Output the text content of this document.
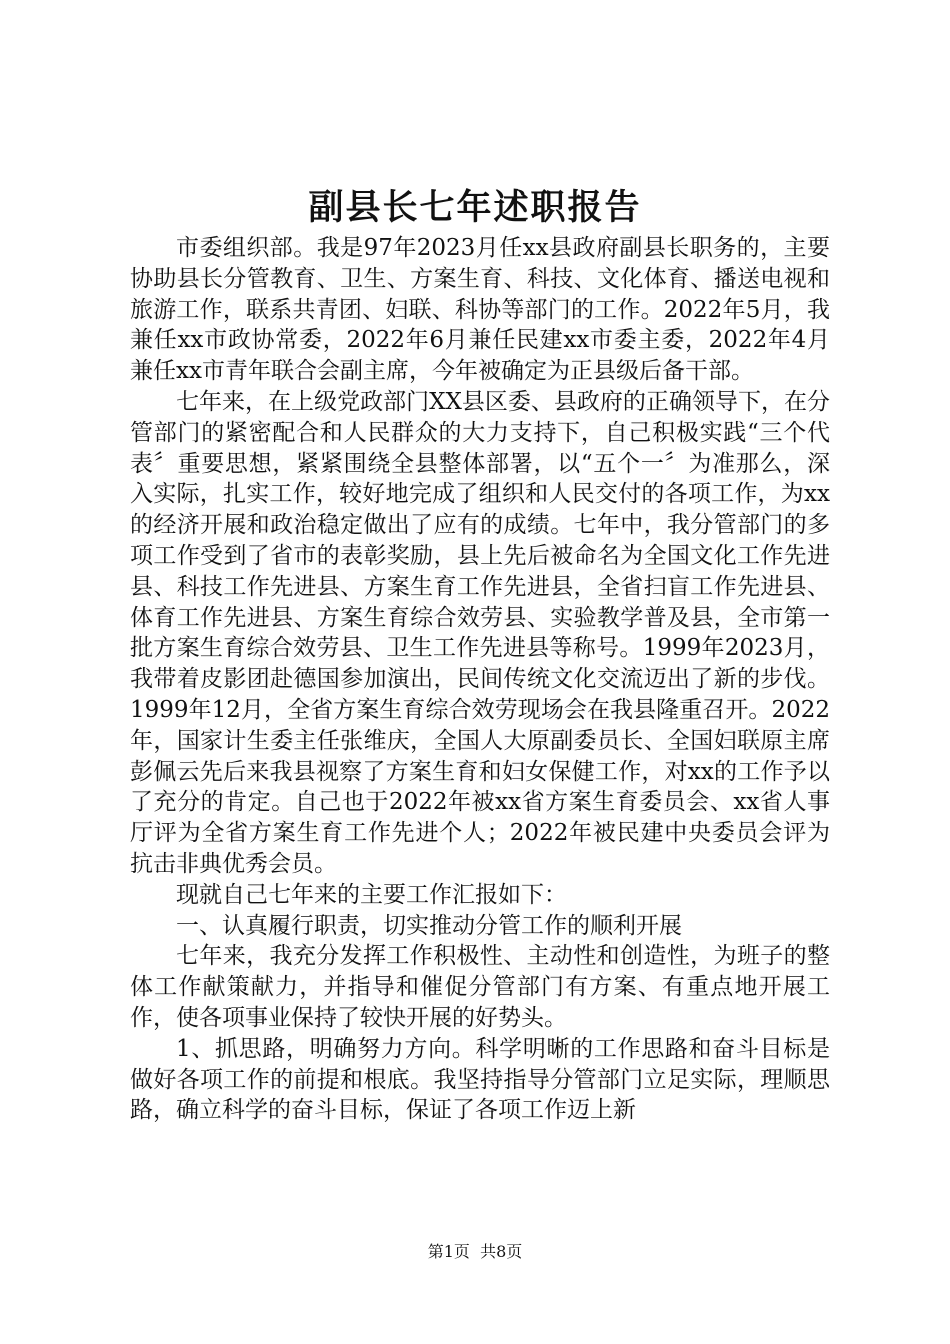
副县长七年述职报告

市委组织部。我是97年2023月任xx县政府副县长职务的，主要协助县长分管教育、卫生、方案生育、科技、文化体育、播送电视和旅游工作，联系共青团、妇联、科协等部门的工作。2022年5月，我兼任xx市政协常委，2022年6月兼任民建xx市委主委，2022年4月兼任xx市青年联合会副主席，今年被确定为正县级后备干部。

七年来，在上级党政部门XX县区委、县政府的正确领导下，在分管部门的紧密配合和人民群众的大力支持下，自己积极实践“三个代表〞重要思想，紧紧围绕全县整体部署，以“五个一〞为准那么，深入实际，扎实工作，较好地完成了组织和人民交付的各项工作，为xx的经济开展和政治稳定做出了应有的成绩。七年中，我分管部门的多项工作受到了省市的表彰奖励，县上先后被命名为全国文化工作先进县、科技工作先进县、方案生育工作先进县，全省扫盲工作先进县、体育工作先进县、方案生育综合效劳县、实验教学普及县，全市第一批方案生育综合效劳县、卫生工作先进县等称号。1999年2023月，我带着皮影团赴德国参加演出，民间传统文化交流迈出了新的步伐。1999年12月，全省方案生育综合效劳现场会在我县隆重召开。2022年，国家计生委主任张维庆，全国人大原副委员长、全国妇联原主席彭佩云先后来我县视察了方案生育和妇女保健工作，对xx的工作予以了充分的肯定。自己也于2022年被xx省方案生育委员会、xx省人事厅评为全省方案生育工作先进个人；2022年被民建中央委员会评为抗击非典优秀会员。

现就自己七年来的主要工作汇报如下：

一、认真履行职责，切实推动分管工作的顺利开展

七年来，我充分发挥工作积极性、主动性和创造性，为班子的整体工作献策献力，并指导和催促分管部门有方案、有重点地开展工作，使各项事业保持了较快开展的好势头。

1、抓思路，明确努力方向。科学明晰的工作思路和奋斗目标是做好各项工作的前提和根底。我坚持指导分管部门立足实际，理顺思路，确立科学的奋斗目标，保证了各项工作迈上新

第1页 共8页
